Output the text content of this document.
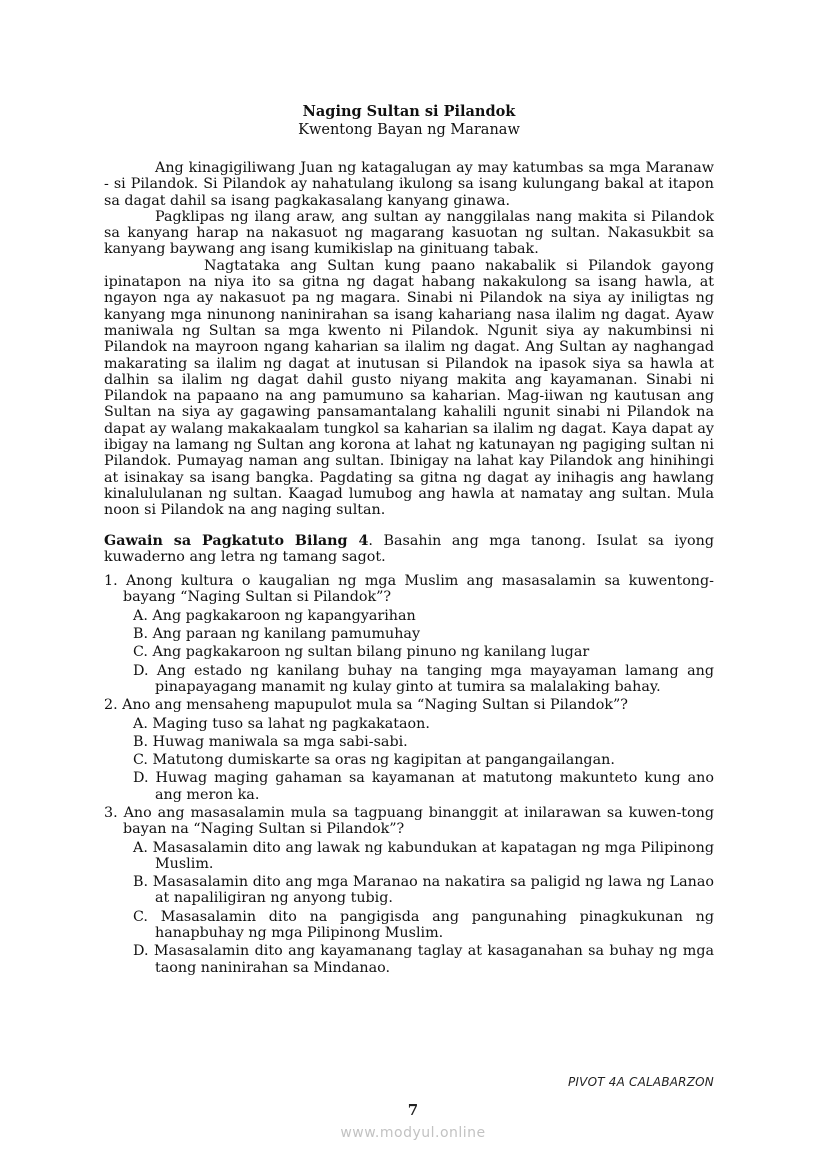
Naging Sultan si Pilandok
Kwentong Bayan ng Maranaw

Ang kinagigiliwang Juan ng katagalugan ay may katumbas sa mga Maranaw - si Pilandok. Si Pilandok ay nahatulang ikulong sa isang kulungang bakal at itapon sa dagat dahil sa isang pagkakasalang kanyang ginawa.

Pagklipas ng ilang araw, ang sultan ay nanggilalas nang makita si Pilandok sa kanyang harap na nakasuot ng magarang kasuotan ng sultan. Nakasukbit sa kanyang baywang ang isang kumikislap na ginituang tabak.

Nagtataka ang Sultan kung paano nakabalik si Pilandok gayong ipinatapon na niya ito sa gitna ng dagat habang nakakulong sa isang hawla, at ngayon nga ay nakasuot pa ng magara. Sinabi ni Pilandok na siya ay iniligtas ng kanyang mga ninunong naninirahan sa isang kahariang nasa ilalim ng dagat. Ayaw maniwala ng Sultan sa mga kwento ni Pilandok. Ngunit siya ay nakumbinsi ni Pilandok na mayroon ngang kaharian sa ilalim ng dagat. Ang Sultan ay naghangad makarating sa ilalim ng dagat at inutusan si Pilandok na ipasok siya sa hawla at dalhin sa ilalim ng dagat dahil gusto niyang makita ang kayamanan. Sinabi ni Pilandok na papaano na ang pamumuno sa kaharian. Mag-iiwan ng kautusan ang Sultan na siya ay gagawing pansamantalang kahalili ngunit sinabi ni Pilandok na dapat ay walang makakaalam tungkol sa kaharian sa ilalim ng dagat. Kaya dapat ay ibigay na lamang ng Sultan ang korona at lahat ng katunayan ng pagiging sultan ni Pilandok. Pumayag naman ang sultan. Ibinigay na lahat kay Pilandok ang hinihingi at isinakay sa isang bangka. Pagdating sa gitna ng dagat ay inihagis ang hawlang kinalululanan ng sultan. Kaagad lumubog ang hawla at namatay ang sultan. Mula noon si Pilandok na ang naging sultan.

Gawain sa Pagkatuto Bilang 4. Basahin ang mga tanong. Isulat sa iyong kuwaderno ang letra ng tamang sagot.

1. Anong kultura o kaugalian ng mga Muslim ang masasalamin sa kuwentong-bayang “Naging Sultan si Pilandok”?

A. Ang pagkakaroon ng kapangyarihan

B. Ang paraan ng kanilang pamumuhay

C. Ang pagkakaroon ng sultan bilang pinuno ng kanilang lugar

D. Ang estado ng kanilang buhay na tanging mga mayayaman lamang ang pinapayagang manamit ng kulay ginto at tumira sa malalaking bahay.

2. Ano ang mensaheng mapupulot mula sa “Naging Sultan si Pilandok”?

A. Maging tuso sa lahat ng pagkakataon.

B. Huwag maniwala sa mga sabi-sabi.

C. Matutong dumiskarte sa oras ng kagipitan at pangangailangan.

D. Huwag maging gahaman sa kayamanan at matutong makunteto kung ano ang meron ka.

3. Ano ang masasalamin mula sa tagpuang binanggit at inilarawan sa kuwen-tong bayan na “Naging Sultan si Pilandok”?

A. Masasalamin dito ang lawak ng kabundukan at kapatagan ng mga Pilipinong Muslim.

B. Masasalamin dito ang mga Maranao na nakatira sa paligid ng lawa ng Lanao at napaliligiran ng anyong tubig.

C. Masasalamin dito na pangigisda ang pangunahing pinagkukunan ng hanapbuhay ng mga Pilipinong Muslim.

D. Masasalamin dito ang kayamanang taglay at kasaganahan sa buhay ng mga taong naninirahan sa Mindanao.

PIVOT 4A CALABARZON
7
www.modyul.online
